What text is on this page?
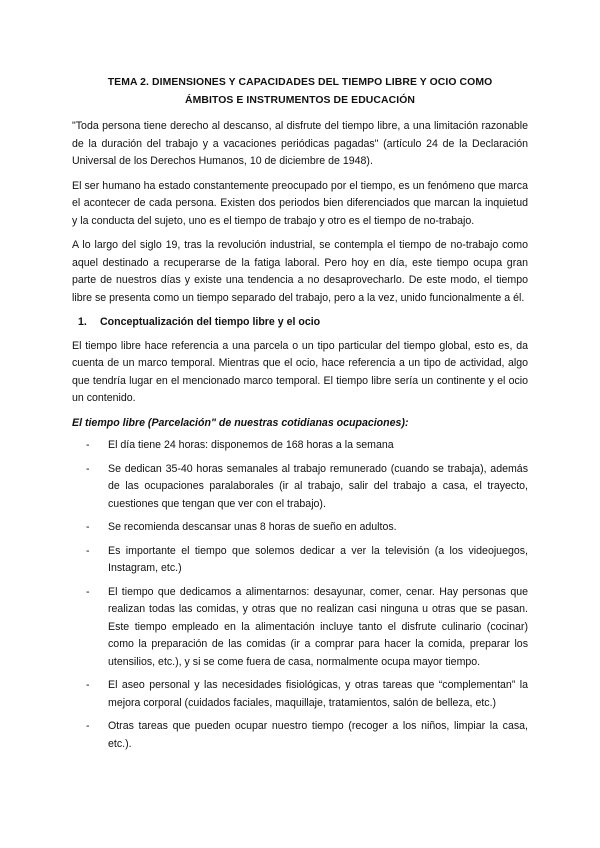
TEMA 2. DIMENSIONES Y CAPACIDADES DEL TIEMPO LIBRE Y OCIO COMO
ÁMBITOS E INSTRUMENTOS DE EDUCACIÓN

"Toda persona tiene derecho al descanso, al disfrute del tiempo libre, a una limitación razonable de la duración del trabajo y a vacaciones periódicas pagadas" (artículo 24 de la Declaración Universal de los Derechos Humanos, 10 de diciembre de 1948).

El ser humano ha estado constantemente preocupado por el tiempo, es un fenómeno que marca el acontecer de cada persona. Existen dos periodos bien diferenciados que marcan la inquietud y la conducta del sujeto, uno es el tiempo de trabajo y otro es el tiempo de no-trabajo.

A lo largo del siglo 19, tras la revolución industrial, se contempla el tiempo de no-trabajo como aquel destinado a recuperarse de la fatiga laboral. Pero hoy en día, este tiempo ocupa gran parte de nuestros días y existe una tendencia a no desaprovecharlo. De este modo, el tiempo libre se presenta como un tiempo separado del trabajo, pero a la vez, unido funcionalmente a él.

1.	Conceptualización del tiempo libre y el ocio

El tiempo libre hace referencia a una parcela o un tipo particular del tiempo global, esto es, da cuenta de un marco temporal. Mientras que el ocio, hace referencia a un tipo de actividad, algo que tendría lugar en el mencionado marco temporal. El tiempo libre sería un continente y el ocio un contenido.

El tiempo libre (Parcelación" de nuestras cotidianas ocupaciones):
-	El día tiene 24 horas: disponemos de 168 horas a la semana
-	Se dedican 35-40 horas semanales al trabajo remunerado (cuando se trabaja), además de las ocupaciones paralaborales (ir al trabajo, salir del trabajo a casa, el trayecto, cuestiones que tengan que ver con el trabajo).
-	Se recomienda descansar unas 8 horas de sueño en adultos.
-	Es importante el tiempo que solemos dedicar a ver la televisión (a los videojuegos, Instagram, etc.)
-	El tiempo que dedicamos a alimentarnos: desayunar, comer, cenar. Hay personas que realizan todas las comidas, y otras que no realizan casi ninguna u otras que se pasan. Este tiempo empleado en la alimentación incluye tanto el disfrute culinario (cocinar) como la preparación de las comidas (ir a comprar para hacer la comida, preparar los utensilios, etc.), y si se come fuera de casa, normalmente ocupa mayor tiempo.
-	El aseo personal y las necesidades fisiológicas, y otras tareas que “complementan” la mejora corporal (cuidados faciales, maquillaje, tratamientos, salón de belleza, etc.)
-	Otras tareas que pueden ocupar nuestro tiempo (recoger a los niños, limpiar la casa, etc.).
